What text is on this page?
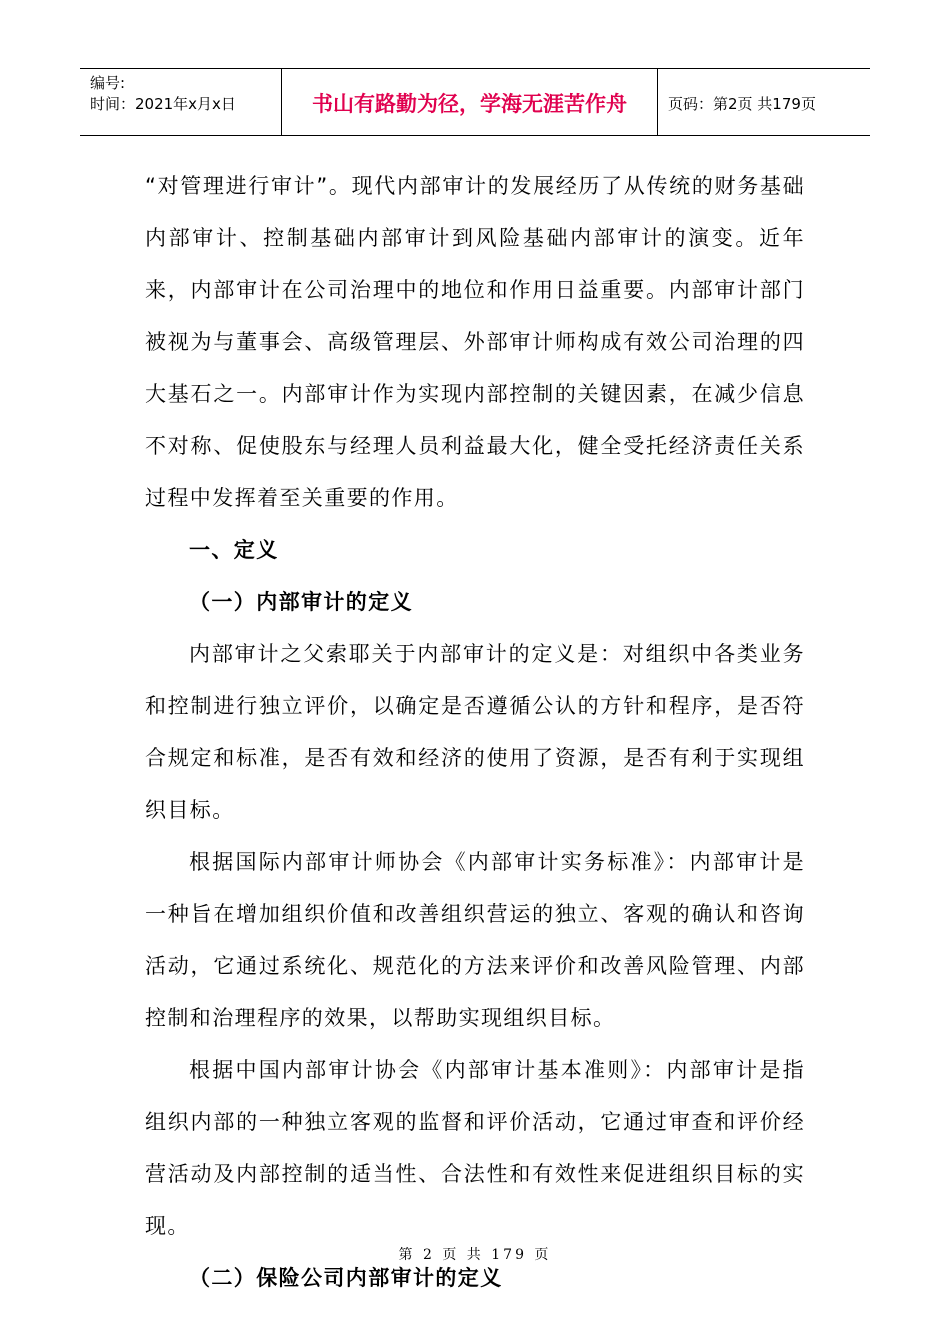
编号:
时间：2021年x月x日	书山有路勤为径，学海无涯苦作舟	页码：第2页 共179页

“对管理进行审计”。现代内部审计的发展经历了从传统的财务基础内部审计、控制基础内部审计到风险基础内部审计的演变。近年来，内部审计在公司治理中的地位和作用日益重要。内部审计部门被视为与董事会、高级管理层、外部审计师构成有效公司治理的四大基石之一。内部审计作为实现内部控制的关键因素，在减少信息不对称、促使股东与经理人员利益最大化，健全受托经济责任关系过程中发挥着至关重要的作用。

一、定义

（一）内部审计的定义

内部审计之父索耶关于内部审计的定义是：对组织中各类业务和控制进行独立评价，以确定是否遵循公认的方针和程序，是否符合规定和标准，是否有效和经济的使用了资源，是否有利于实现组织目标。

根据国际内部审计师协会《内部审计实务标准》：内部审计是一种旨在增加组织价值和改善组织营运的独立、客观的确认和咨询活动，它通过系统化、规范化的方法来评价和改善风险管理、内部控制和治理程序的效果，以帮助实现组织目标。

根据中国内部审计协会《内部审计基本准则》：内部审计是指组织内部的一种独立客观的监督和评价活动，它通过审查和评价经营活动及内部控制的适当性、合法性和有效性来促进组织目标的实现。

（二）保险公司内部审计的定义

第 2 页 共 179 页
